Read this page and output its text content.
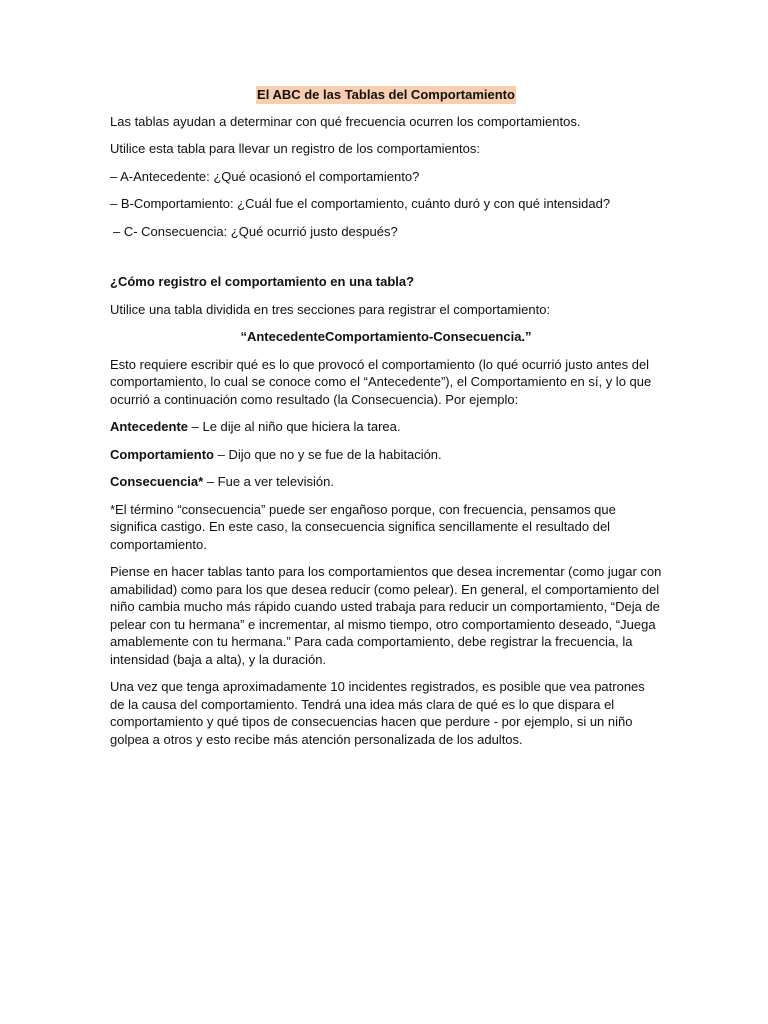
El ABC de las Tablas del Comportamiento

Las tablas ayudan a determinar con qué frecuencia ocurren los comportamientos.

Utilice esta tabla para llevar un registro de los comportamientos:

– A-Antecedente: ¿Qué ocasionó el comportamiento?

– B-Comportamiento: ¿Cuál fue el comportamiento, cuánto duró y con qué intensidad?

– C- Consecuencia: ¿Qué ocurrió justo después?

¿Cómo registro el comportamiento en una tabla?

Utilice una tabla dividida en tres secciones para registrar el comportamiento:

“AntecedenteComportamiento-Consecuencia.”

Esto requiere escribir qué es lo que provocó el comportamiento (lo qué ocurrió justo antes del comportamiento, lo cual se conoce como el “Antecedente”), el Comportamiento en sí, y lo que ocurrió a continuación como resultado (la Consecuencia). Por ejemplo:

Antecedente – Le dije al niño que hiciera la tarea.

Comportamiento – Dijo que no y se fue de la habitación.

Consecuencia* – Fue a ver televisión.

*El término “consecuencia” puede ser engañoso porque, con frecuencia, pensamos que significa castigo. En este caso, la consecuencia significa sencillamente el resultado del comportamiento.

Piense en hacer tablas tanto para los comportamientos que desea incrementar (como jugar con amabilidad) como para los que desea reducir (como pelear). En general, el comportamiento del niño cambia mucho más rápido cuando usted trabaja para reducir un comportamiento, “Deja de pelear con tu hermana” e incrementar, al mismo tiempo, otro comportamiento deseado, “Juega amablemente con tu hermana.” Para cada comportamiento, debe registrar la frecuencia, la intensidad (baja a alta), y la duración.

Una vez que tenga aproximadamente 10 incidentes registrados, es posible que vea patrones de la causa del comportamiento. Tendrá una idea más clara de qué es lo que dispara el comportamiento y qué tipos de consecuencias hacen que perdure - por ejemplo, si un niño golpea a otros y esto recibe más atención personalizada de los adultos.
